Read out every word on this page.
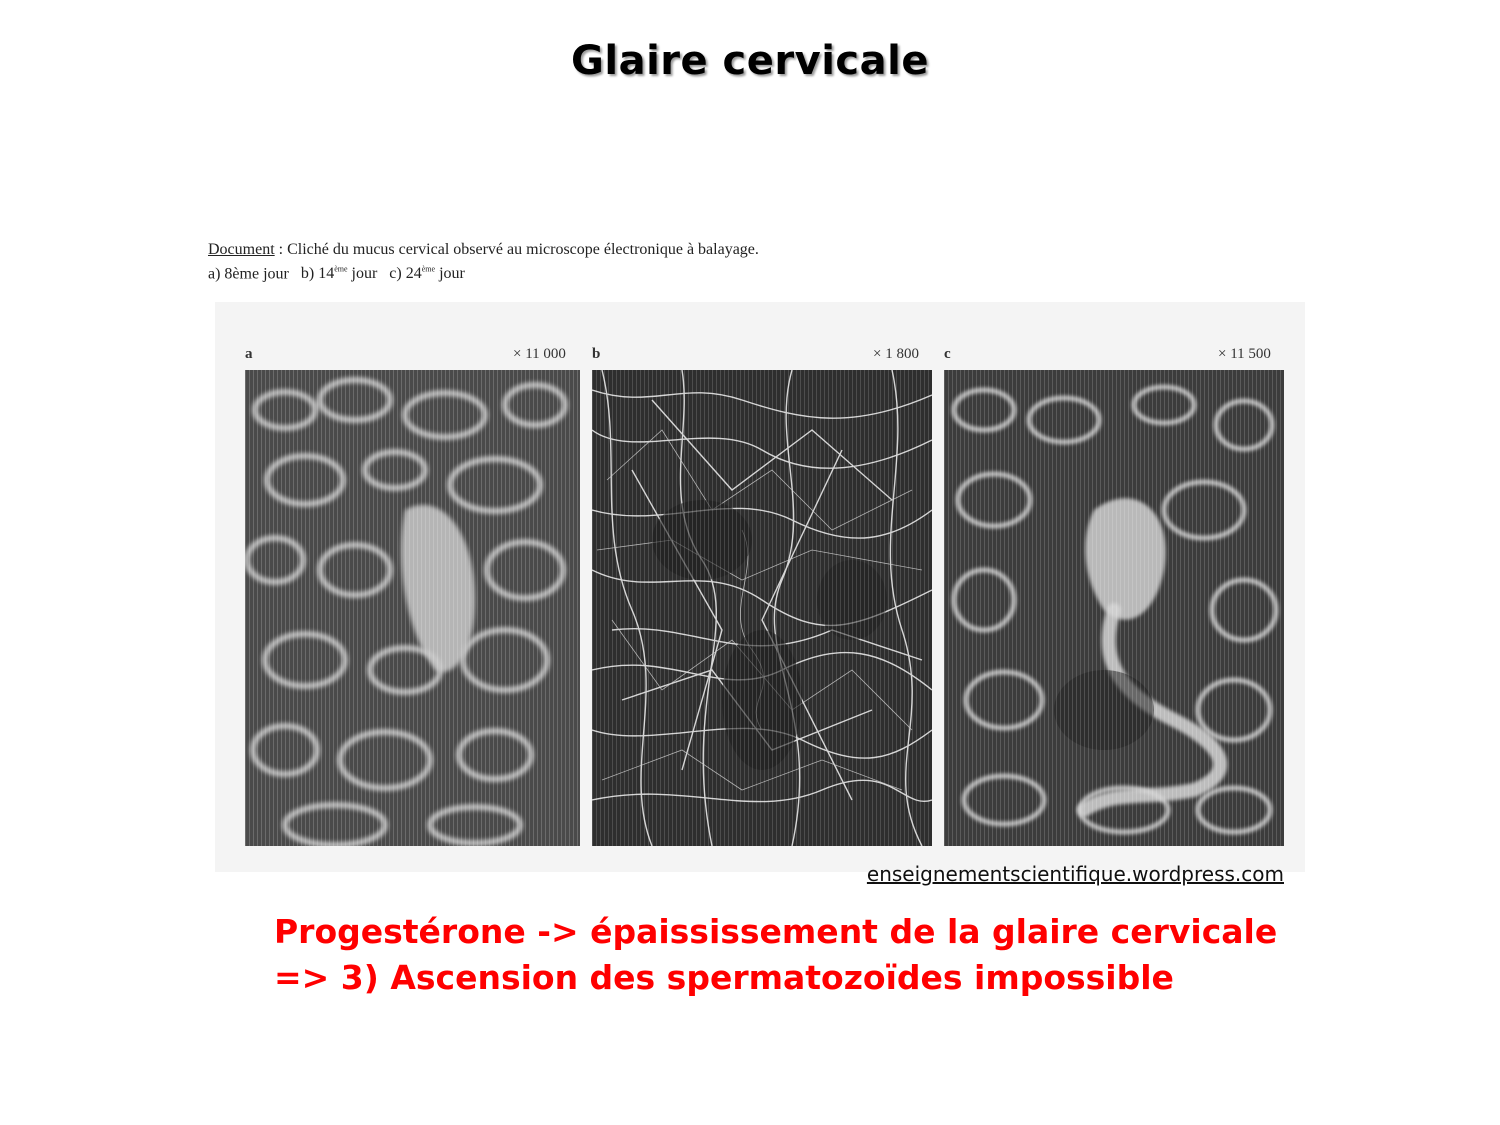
Glaire cervicale
Document : Cliché du mucus cervical observé au microscope électronique à balayage.
a) 8ème jour b) 14ème jour c) 24ème jour
a	× 11 000 b	× 1 800 c	× 11 500
enseignementscientifique.wordpress.com
Progestérone -> épaississement de la glaire cervicale
=> 3) Ascension des spermatozoïdes impossible
